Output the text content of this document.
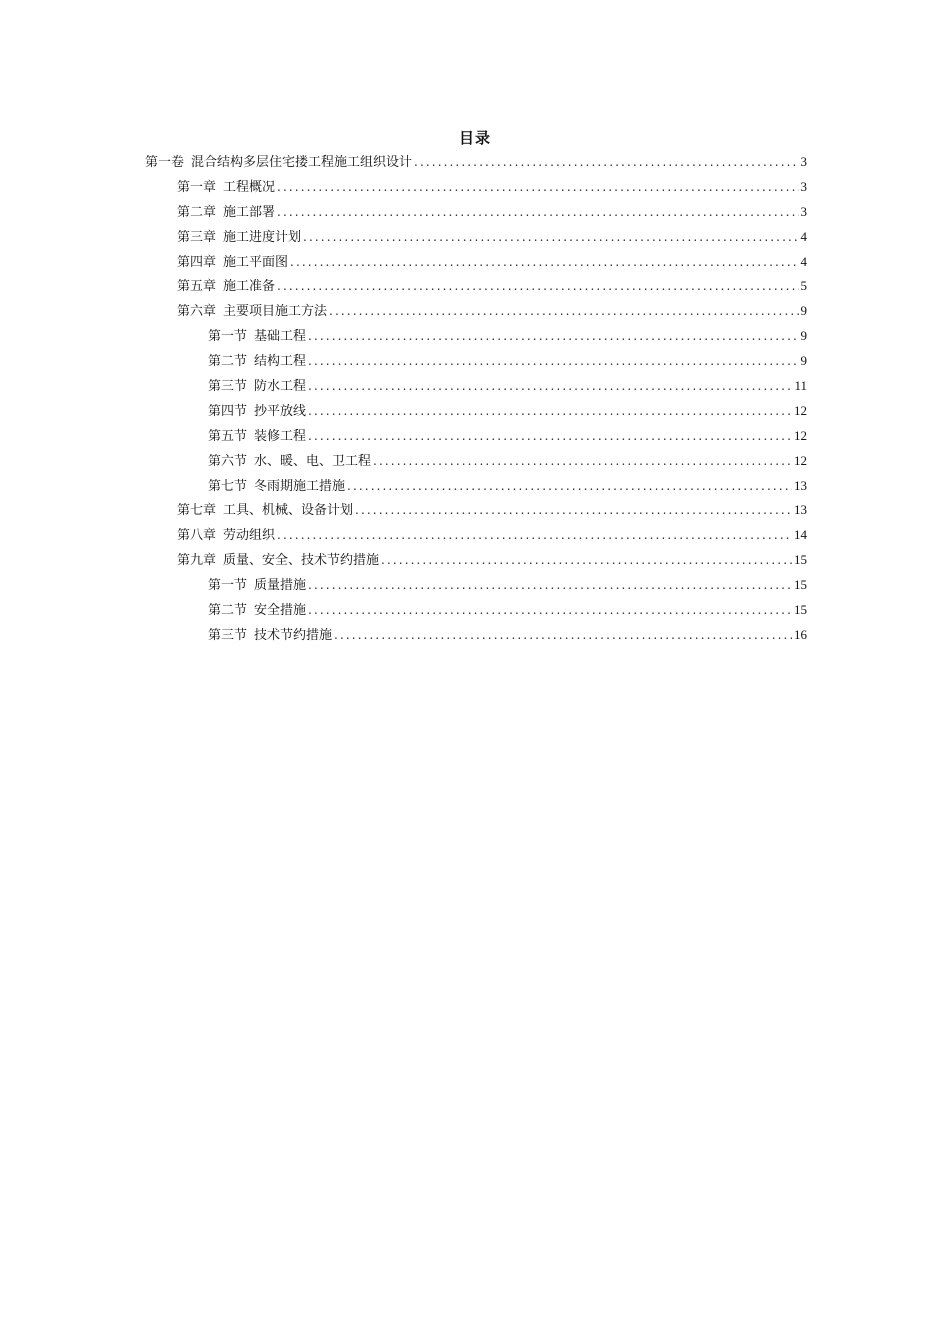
目录
第一卷 混合结构多层住宅搂工程施工组织设计 .....	3
第一章 工程概况 .....	3
第二章 施工部署 .....	3
第三章 施工进度计划 .....	4
第四章 施工平面图 .....	4
第五章 施工准备 .....	5
第六章 主要项目施工方法 .....	9
第一节 基础工程 .....	9
第二节 结构工程 .....	9
第三节 防水工程 .....	11
第四节 抄平放线 .....	12
第五节 装修工程 .....	12
第六节 水、暖、电、卫工程 .....	12
第七节 冬雨期施工措施 .....	13
第七章 工具、机械、设备计划 .....	13
第八章 劳动组织 .....	14
第九章 质量、安全、技术节约措施 .....	15
第一节 质量措施 .....	15
第二节 安全措施 .....	15
第三节 技术节约措施 .....	16
